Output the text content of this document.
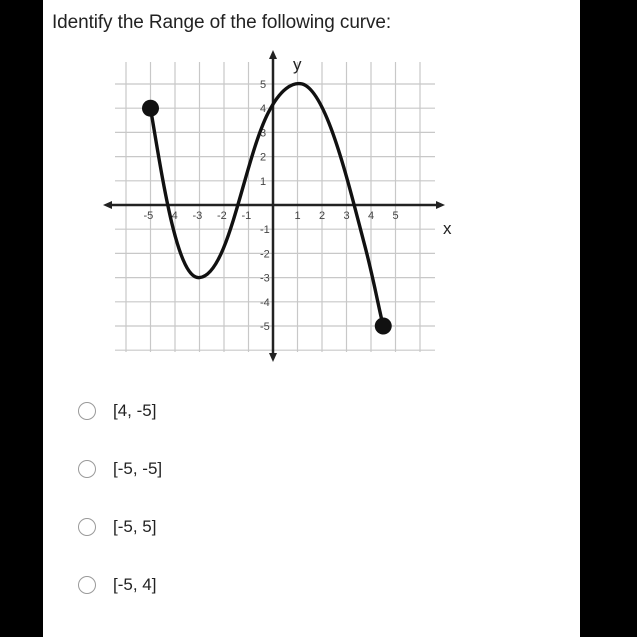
Identify the Range of the following curve:
x
y
-5 -4 -3 -2 -1	1 2 3 4 5
5
4
3
2
1
-1
-2
-3
-4
-5
[4, -5]
[-5, -5]
[-5, 5]
[-5, 4]
